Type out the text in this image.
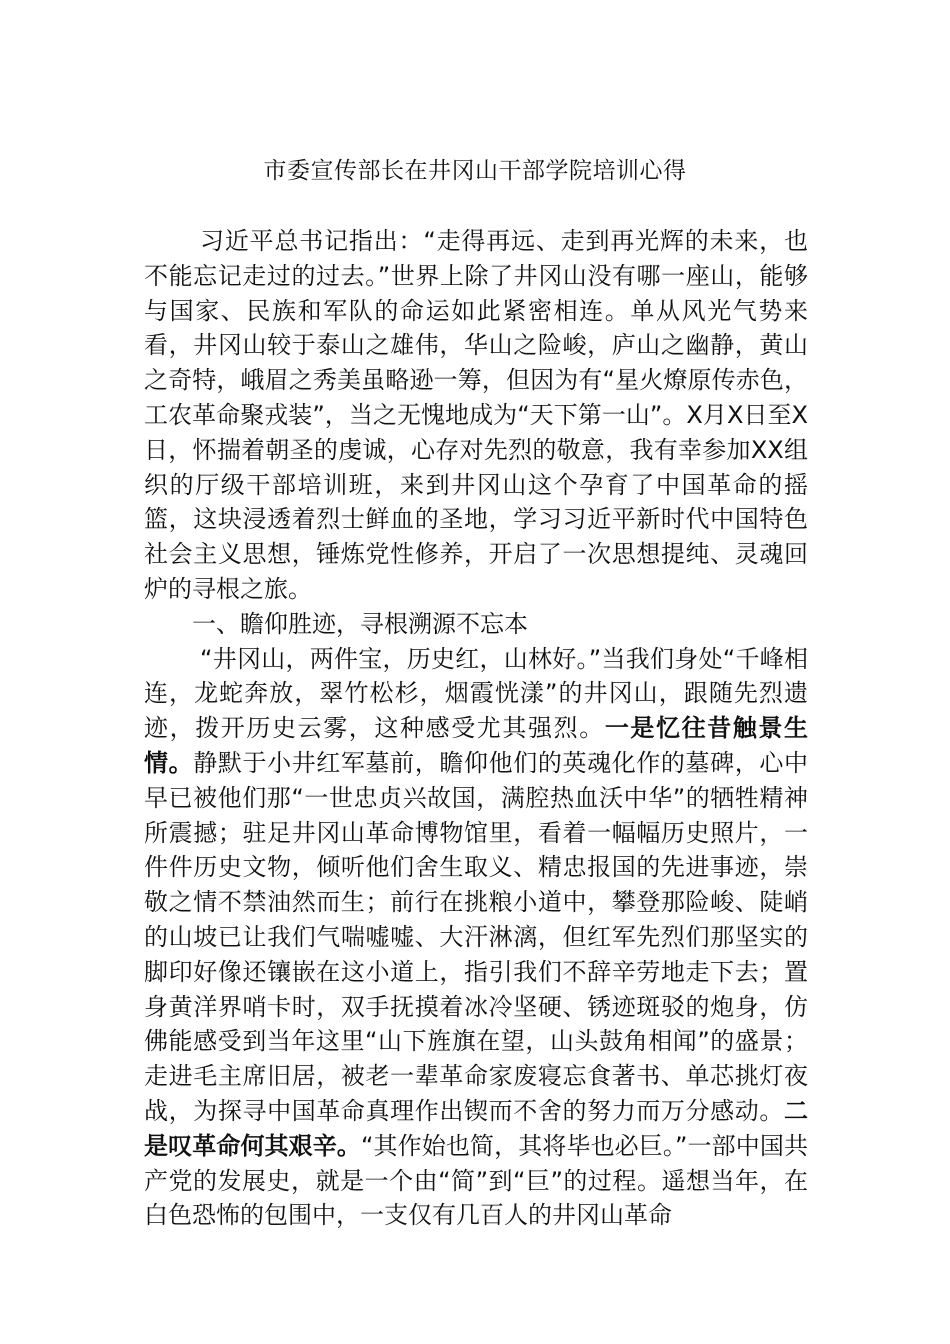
市委宣传部长在井冈山干部学院培训心得

习近平总书记指出：“走得再远、走到再光辉的未来，也不能忘记走过的过去。”世界上除了井冈山没有哪一座山，能够与国家、民族和军队的命运如此紧密相连。单从风光气势来看，井冈山较于泰山之雄伟，华山之险峻，庐山之幽静，黄山之奇特，峨眉之秀美虽略逊一筹，但因为有“星火燎原传赤色，工农革命聚戎装”，当之无愧地成为“天下第一山”。X月X日至X日，怀揣着朝圣的虔诚，心存对先烈的敬意，我有幸参加XX组织的厅级干部培训班，来到井冈山这个孕育了中国革命的摇篮，这块浸透着烈士鲜血的圣地，学习习近平新时代中国特色社会主义思想，锤炼党性修养，开启了一次思想提纯、灵魂回炉的寻根之旅。

一、瞻仰胜迹，寻根溯源不忘本

“井冈山，两件宝，历史红，山林好。”当我们身处“千峰相连，龙蛇奔放，翠竹松杉，烟霞恍漾”的井冈山，跟随先烈遗迹，拨开历史云雾，这种感受尤其强烈。一是忆往昔触景生情。静默于小井红军墓前，瞻仰他们的英魂化作的墓碑，心中早已被他们那“一世忠贞兴故国，满腔热血沃中华”的牺牲精神所震撼；驻足井冈山革命博物馆里，看着一幅幅历史照片，一件件历史文物，倾听他们舍生取义、精忠报国的先进事迹，崇敬之情不禁油然而生；前行在挑粮小道中，攀登那险峻、陡峭的山坡已让我们气喘嘘嘘、大汗淋漓，但红军先烈们那坚实的脚印好像还镶嵌在这小道上，指引我们不辞辛劳地走下去；置身黄洋界哨卡时，双手抚摸着冰冷坚硬、锈迹斑驳的炮身，仿佛能感受到当年这里“山下旌旗在望，山头鼓角相闻”的盛景；走进毛主席旧居，被老一辈革命家废寝忘食著书、单芯挑灯夜战，为探寻中国革命真理作出锲而不舍的努力而万分感动。二是叹革命何其艰辛。“其作始也简，其将毕也必巨。”一部中国共产党的发展史，就是一个由“简”到“巨”的过程。遥想当年，在白色恐怖的包围中，一支仅有几百人的井冈山革命
